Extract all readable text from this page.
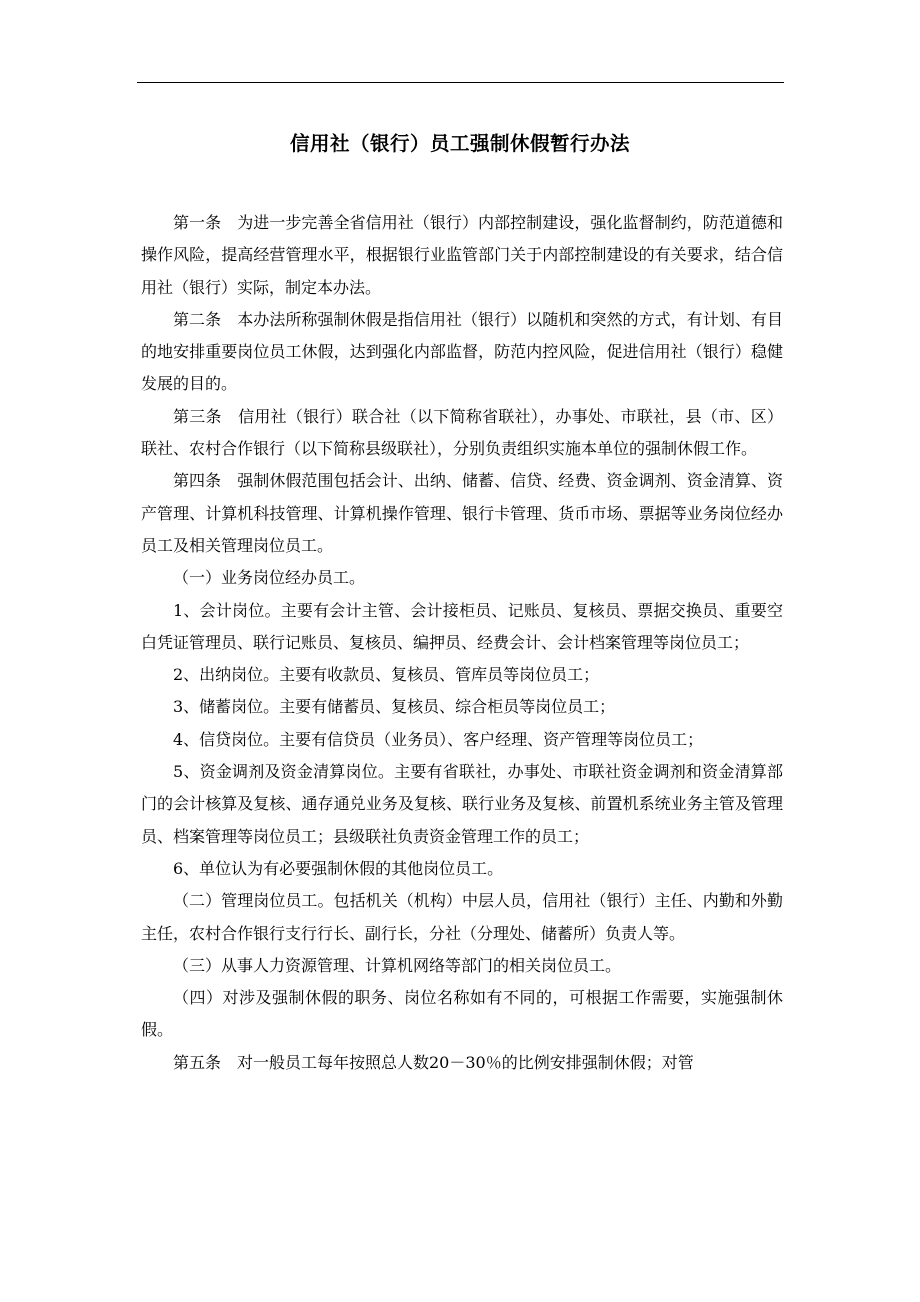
信用社（银行）员工强制休假暂行办法

第一条　为进一步完善全省信用社（银行）内部控制建设，强化监督制约，防范道德和操作风险，提高经营管理水平，根据银行业监管部门关于内部控制建设的有关要求，结合信用社（银行）实际，制定本办法。

第二条　本办法所称强制休假是指信用社（银行）以随机和突然的方式，有计划、有目的地安排重要岗位员工休假，达到强化内部监督，防范内控风险，促进信用社（银行）稳健发展的目的。

第三条　信用社（银行）联合社（以下简称省联社），办事处、市联社，县（市、区）联社、农村合作银行（以下简称县级联社），分别负责组织实施本单位的强制休假工作。

第四条　强制休假范围包括会计、出纳、储蓄、信贷、经费、资金调剂、资金清算、资产管理、计算机科技管理、计算机操作管理、银行卡管理、货币市场、票据等业务岗位经办员工及相关管理岗位员工。

（一）业务岗位经办员工。

1、会计岗位。主要有会计主管、会计接柜员、记账员、复核员、票据交换员、重要空白凭证管理员、联行记账员、复核员、编押员、经费会计、会计档案管理等岗位员工；

2、出纳岗位。主要有收款员、复核员、管库员等岗位员工；

3、储蓄岗位。主要有储蓄员、复核员、综合柜员等岗位员工；

4、信贷岗位。主要有信贷员（业务员）、客户经理、资产管理等岗位员工；

5、资金调剂及资金清算岗位。主要有省联社，办事处、市联社资金调剂和资金清算部门的会计核算及复核、通存通兑业务及复核、联行业务及复核、前置机系统业务主管及管理员、档案管理等岗位员工；县级联社负责资金管理工作的员工；

6、单位认为有必要强制休假的其他岗位员工。

（二）管理岗位员工。包括机关（机构）中层人员，信用社（银行）主任、内勤和外勤主任，农村合作银行支行行长、副行长，分社（分理处、储蓄所）负责人等。

（三）从事人力资源管理、计算机网络等部门的相关岗位员工。

（四）对涉及强制休假的职务、岗位名称如有不同的，可根据工作需要，实施强制休假。

第五条　对一般员工每年按照总人数20－30％的比例安排强制休假；对管
